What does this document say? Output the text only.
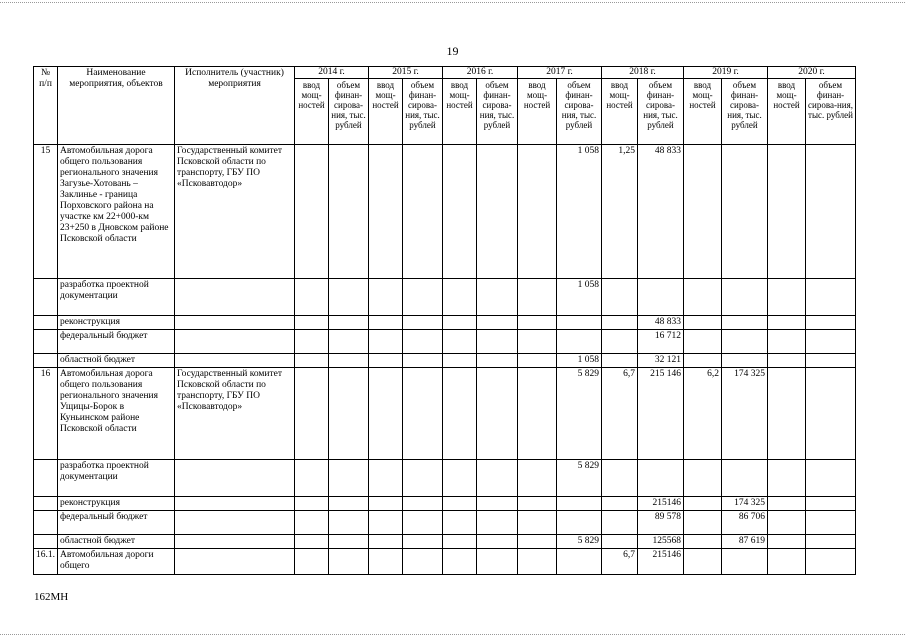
19
№ п/п	Наименование мероприятия, объектов	Исполнитель (участник) мероприятия	2014 г.		2015 г.		2016 г.		2017 г.		2018 г.		2019 г.		2020 г.	
			ввод мощ-ностей	объем финан-сирова-ния, тыс. рублей	ввод мощ-ностей	объем финан-сирова-ния, тыс. рублей	ввод мощ-ностей	объем финан-сирова-ния, тыс. рублей	ввод мощ-ностей	объем финан-сирова-ния, тыс. рублей	ввод мощ-ностей	объем финан-сирова-ния, тыс. рублей	ввод мощ-ностей	объем финан-сирова-ния, тыс. рублей	ввод мощ-ностей	объем финан-сирова-ния, тыс. рублей
15	Автомобильная дорога общего пользования регионального значения Загузье-Хотовань – Заклинье - граница Порховского района на участке км 22+000-км 23+250 в Дновском районе Псковской области	Государственный комитет Псковской области по транспорту, ГБУ ПО «Псковавтодор»								1 058	1,25	48 833				
	разработка проектной документации									1 058						
	реконструкция											48 833				
	федеральный бюджет											16 712				
	областной бюджет									1 058		32 121				
16	Автомобильная дорога общего пользования регионального значения Ущицы-Борок в Куньинском районе Псковской области	Государственный комитет Псковской области по транспорту, ГБУ ПО «Псковавтодор»								5 829	6,7	215 146	6,2	174 325		
	разработка проектной документации									5 829						
	реконструкция											215146		174 325		
	федеральный бюджет											89 578		86 706		
	областной бюджет									5 829		125568		87 619		
16.1.	Автомобильная дороги общего										6,7	215146				
162МН
